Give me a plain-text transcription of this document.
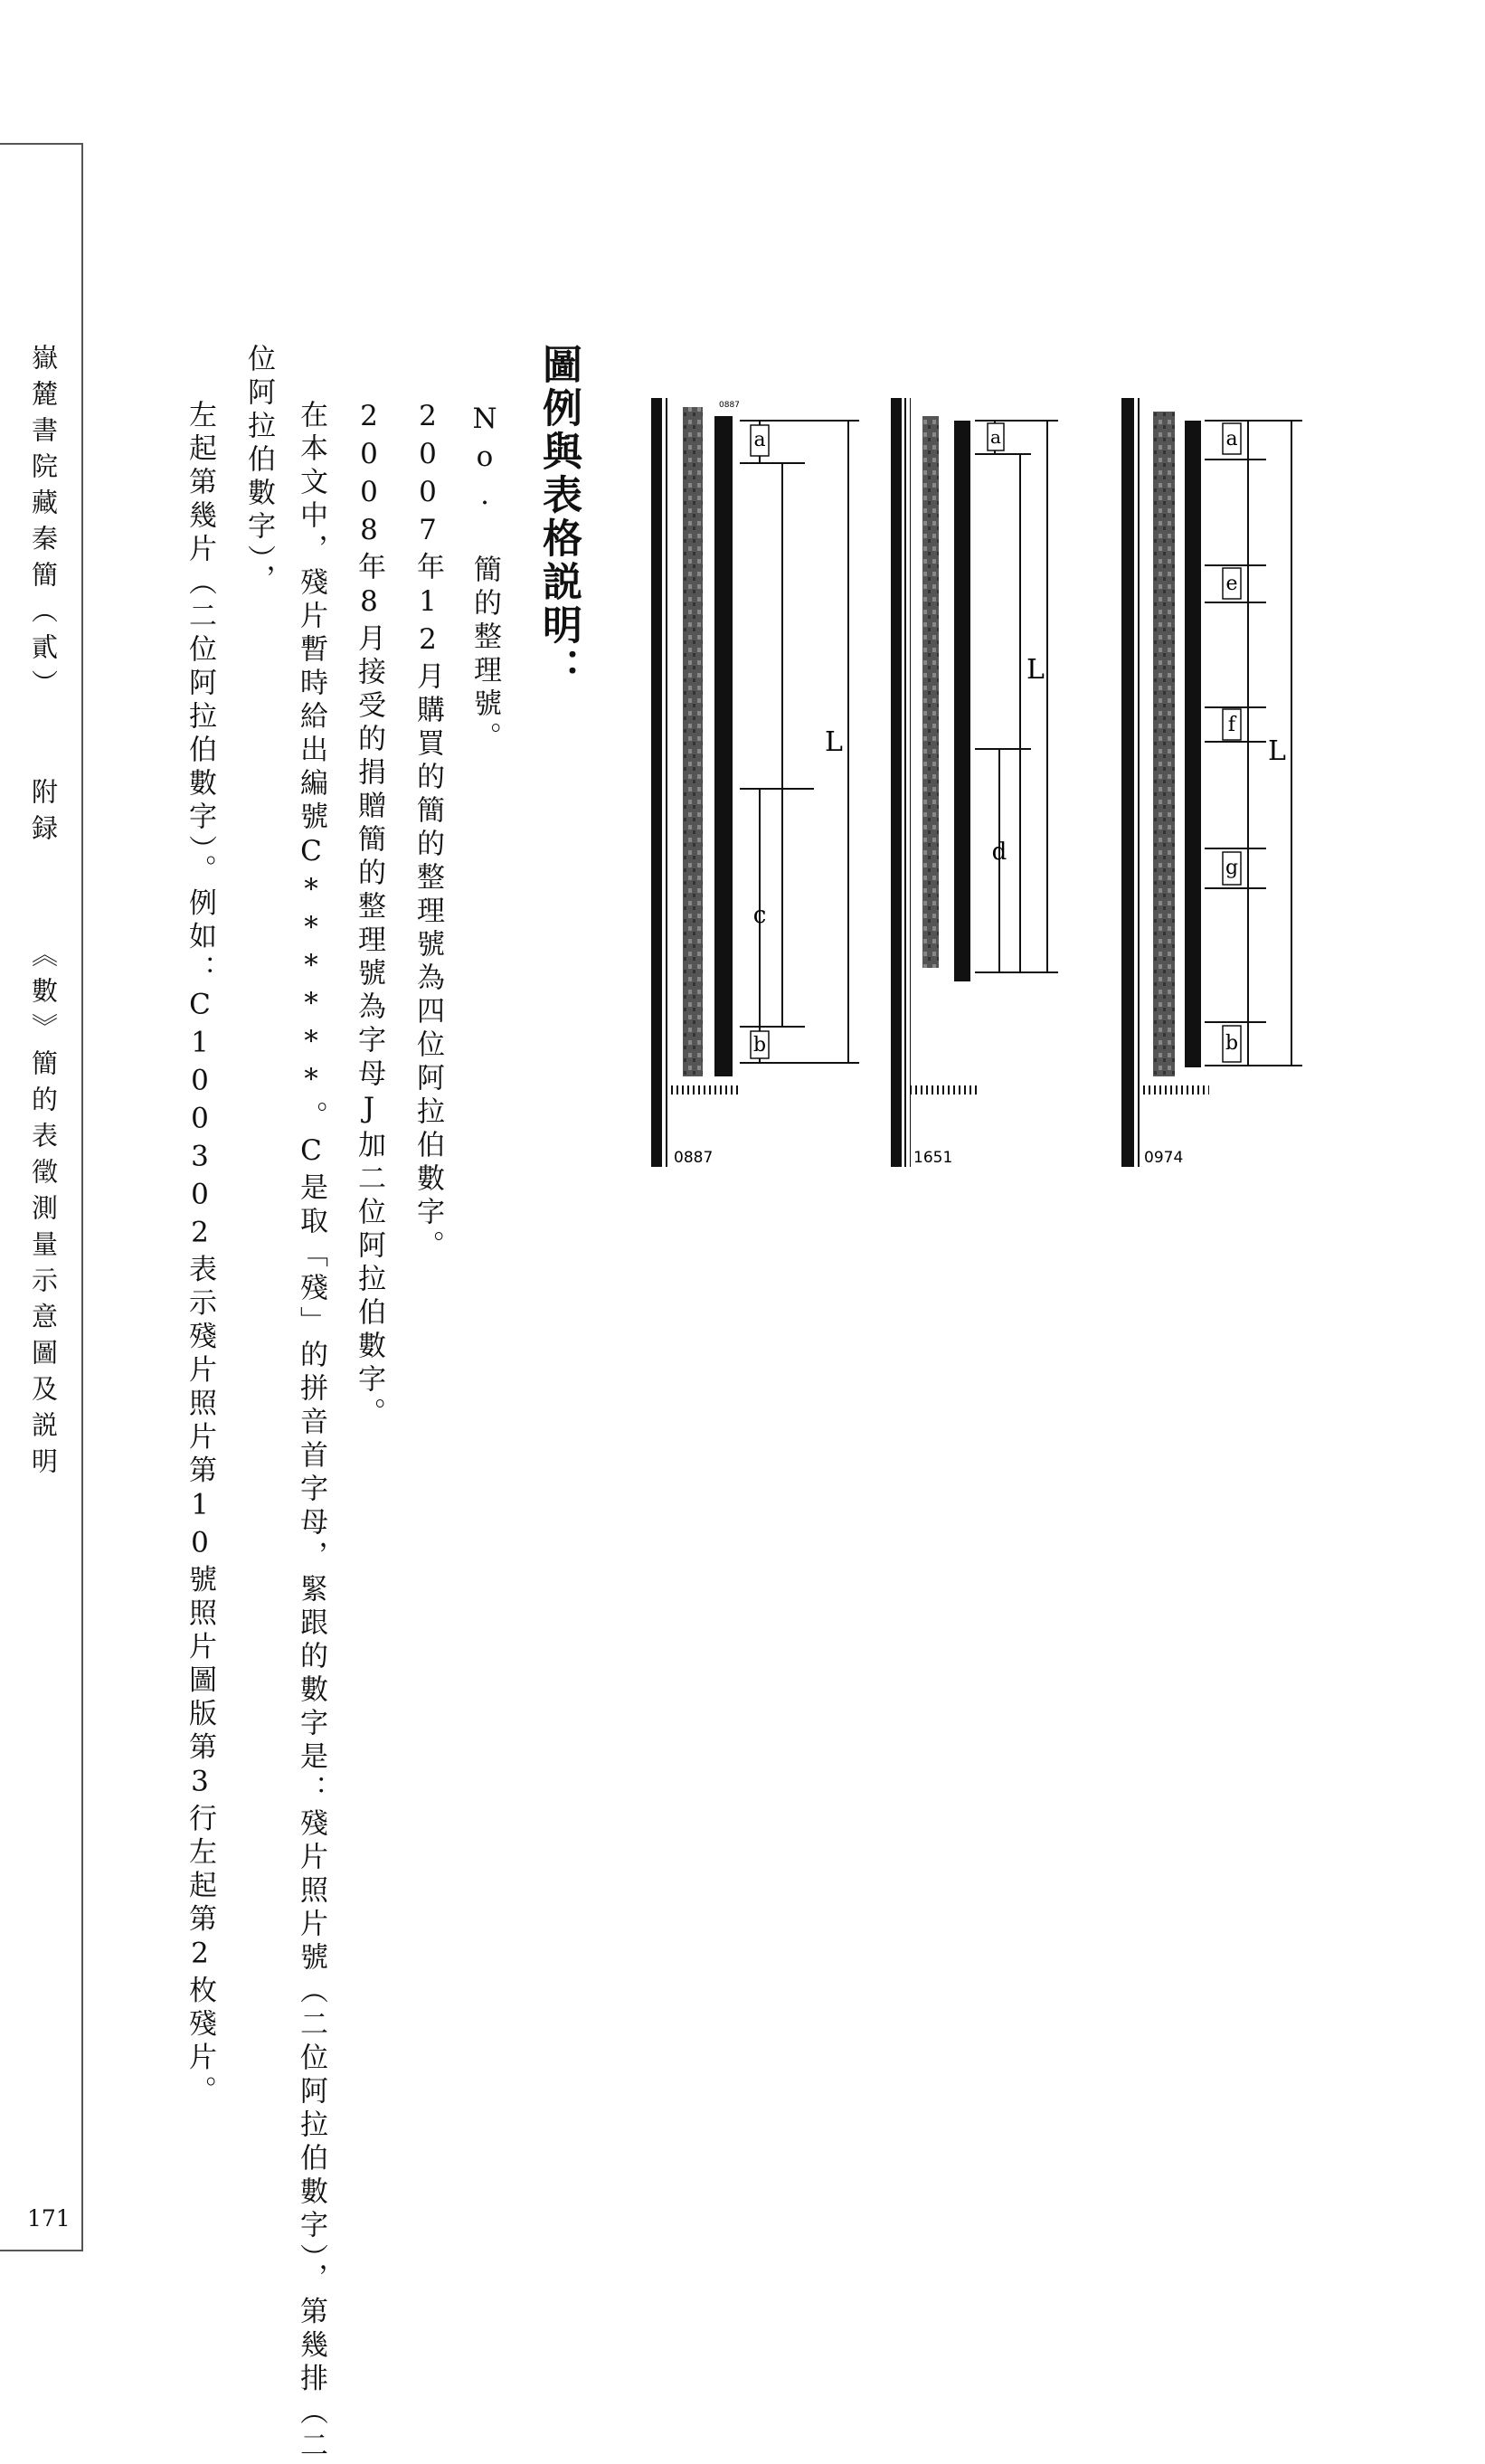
嶽麓書院藏秦簡（貳）
附録
《數》簡的表徵測量示意圖及説明
171
圖例與表格説明：
No. 簡的整理號。
2007年12月購買的簡的整理號為四位阿拉伯數字。
2008年8月接受的捐贈簡的整理號為字母J加二位阿拉伯數字。
在本文中，殘片暫時給出編號C******。C是取「殘」的拼音首字母，緊跟的數字是：殘片照片號（二位阿拉伯數字），第幾排（二
位阿拉伯數字），
左起第幾片（二位阿拉伯數字）。例如：C100302表示殘片照片第10號照片圖版第3行左起第2枚殘片。	0887
a
c
b
L
0887
a
L
d
1651
a
e
f
g
b
L
0974
